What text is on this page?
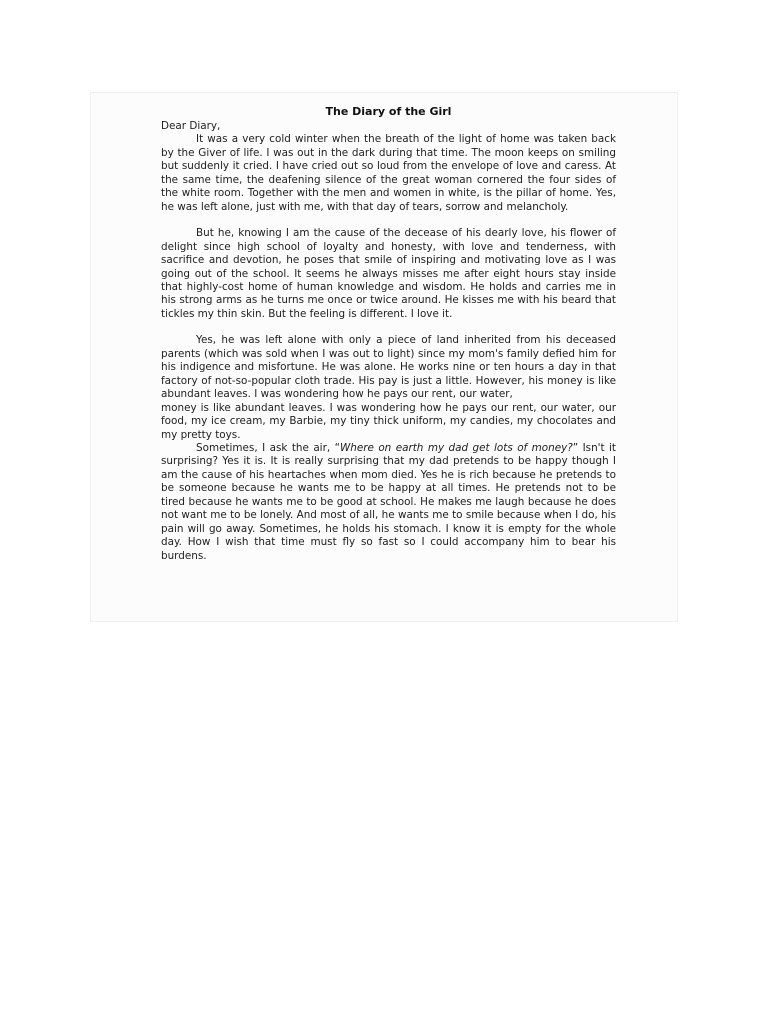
The Diary of the Girl

Dear Diary,

It was a very cold winter when the breath of the light of home was taken back by the Giver of life. I was out in the dark during that time. The moon keeps on smiling but suddenly it cried. I have cried out so loud from the envelope of love and caress. At the same time, the deafening silence of the great woman cornered the four sides of the white room. Together with the men and women in white, is the pillar of home. Yes, he was left alone, just with me, with that day of tears, sorrow and melancholy.

But he, knowing I am the cause of the decease of his dearly love, his flower of delight since high school of loyalty and honesty, with love and tenderness, with sacrifice and devotion, he poses that smile of inspiring and motivating love as I was going out of the school. It seems he always misses me after eight hours stay inside that highly-cost home of human knowledge and wisdom. He holds and carries me in his strong arms as he turns me once or twice around. He kisses me with his beard that tickles my thin skin. But the feeling is different. I love it.

Yes, he was left alone with only a piece of land inherited from his deceased parents (which was sold when I was out to light) since my mom's family defied him for his indigence and misfortune. He was alone. He works nine or ten hours a day in that factory of not-so-popular cloth trade. His pay is just a little. However, his money is like abundant leaves. I was wondering how he pays our rent, our water,

money is like abundant leaves. I was wondering how he pays our rent, our water, our food, my ice cream, my Barbie, my tiny thick uniform, my candies, my chocolates and my pretty toys.

Sometimes, I ask the air, “Where on earth my dad get lots of money?” Isn't it surprising? Yes it is. It is really surprising that my dad pretends to be happy though I am the cause of his heartaches when mom died. Yes he is rich because he pretends to be someone because he wants me to be happy at all times. He pretends not to be tired because he wants me to be good at school. He makes me laugh because he does not want me to be lonely. And most of all, he wants me to smile because when I do, his pain will go away. Sometimes, he holds his stomach. I know it is empty for the whole day. How I wish that time must fly so fast so I could accompany him to bear his burdens.
